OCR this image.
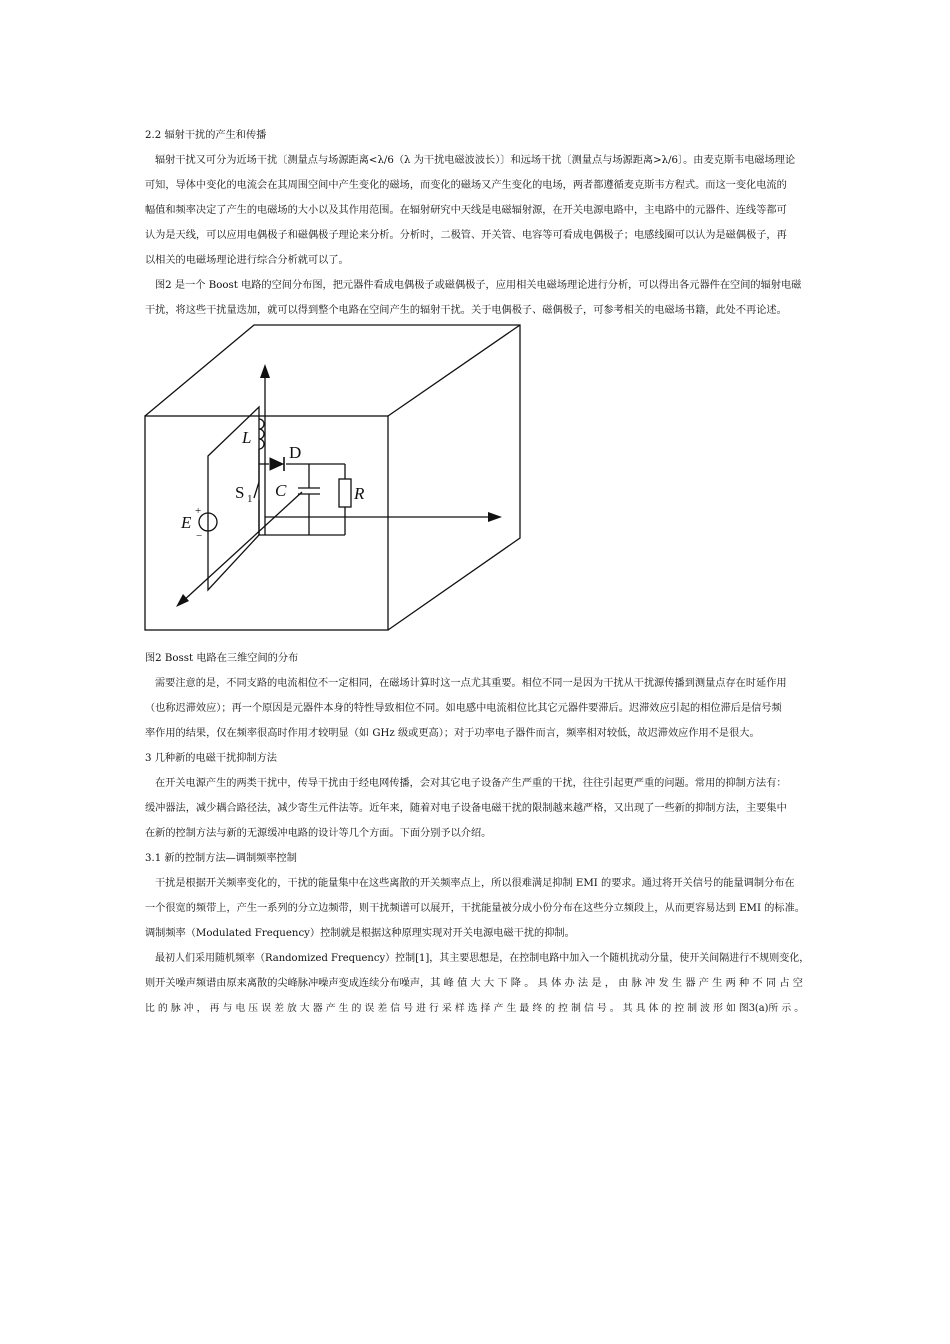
2.2 辐射干扰的产生和传播

辐射干扰又可分为近场干扰〔测量点与场源距离<λ/6（λ 为干扰电磁波波长）〕和远场干扰〔测量点与场源距离>λ/6〕。由麦克斯韦电磁场理论

可知，导体中变化的电流会在其周围空间中产生变化的磁场，而变化的磁场又产生变化的电场，两者都遵循麦克斯韦方程式。而这一变化电流的

幅值和频率决定了产生的电磁场的大小以及其作用范围。在辐射研究中天线是电磁辐射源，在开关电源电路中，主电路中的元器件、连线等都可

认为是天线，可以应用电偶极子和磁偶极子理论来分析。分析时，二极管、开关管、电容等可看成电偶极子；电感线圈可以认为是磁偶极子，再

以相关的电磁场理论进行综合分析就可以了。

图2 是一个 Boost 电路的空间分布图，把元器件看成电偶极子或磁偶极子，应用相关电磁场理论进行分析，可以得出各元器件在空间的辐射电磁

干扰，将这些干扰量迭加，就可以得到整个电路在空间产生的辐射干扰。关于电偶极子、磁偶极子，可参考相关的电磁场书籍，此处不再论述。

L
D
S 1 C	R
E
+
−

图2 Bosst 电路在三维空间的分布

需要注意的是，不同支路的电流相位不一定相同，在磁场计算时这一点尤其重要。相位不同一是因为干扰从干扰源传播到测量点存在时延作用

（也称迟滞效应）；再一个原因是元器件本身的特性导致相位不同。如电感中电流相位比其它元器件要滞后。迟滞效应引起的相位滞后是信号频

率作用的结果，仅在频率很高时作用才较明显（如 GHz 级或更高）；对于功率电子器件而言，频率相对较低，故迟滞效应作用不是很大。

3 几种新的电磁干扰抑制方法

在开关电源产生的两类干扰中，传导干扰由于经电网传播，会对其它电子设备产生严重的干扰，往往引起更严重的问题。常用的抑制方法有：

缓冲器法，减少耦合路径法，减少寄生元件法等。近年来，随着对电子设备电磁干扰的限制越来越严格，又出现了一些新的抑制方法，主要集中

在新的控制方法与新的无源缓冲电路的设计等几个方面。下面分别予以介绍。

3.1 新的控制方法—调制频率控制

干扰是根据开关频率变化的，干扰的能量集中在这些离散的开关频率点上，所以很难满足抑制 EMI 的要求。通过将开关信号的能量调制分布在

一个很宽的频带上，产生一系列的分立边频带，则干扰频谱可以展开，干扰能量被分成小份分布在这些分立频段上，从而更容易达到 EMI 的标准。

调制频率（Modulated Frequency）控制就是根据这种原理实现对开关电源电磁干扰的抑制。

最初人们采用随机频率（Randomized Frequency）控制[1]，其主要思想是，在控制电路中加入一个随机扰动分量，使开关间隔进行不规则变化，

则开关噪声频谱由原来离散的尖峰脉冲噪声变成连续分布噪声，其 峰 值 大 大 下 降 。 具 体 办 法 是 ， 由 脉 冲 发 生 器 产 生 两 种 不 同 占 空

比 的 脉 冲 ， 再 与 电 压 误 差 放 大 器 产 生 的 误 差 信 号 进 行 采 样 选 择 产 生 最 终 的 控 制 信 号 。 其 具 体 的 控 制 波 形 如 图3(a)所 示 。
